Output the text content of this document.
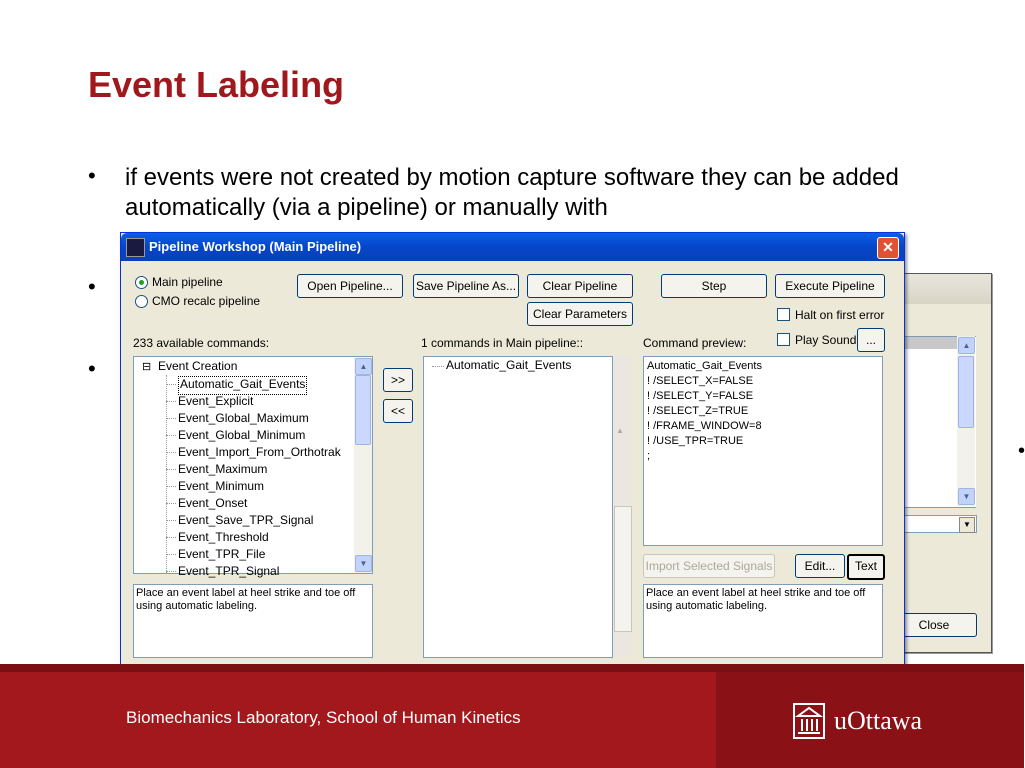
Event Labeling
• if events were not created by motion capture software they can be added automatically (via a pipeline) or manually with
•
•
•
▲
▼
▼
Close
Pipeline Workshop (Main Pipeline)	✕
Main pipeline
CMO recalc pipeline
Open Pipeline...	Save Pipeline As...	Clear Pipeline
Clear Parameters
Step	Execute Pipeline
Halt on first error
Play Sound ...
233 available commands:	1 commands in Main pipeline::	Command preview:
⊟ Event Creation
Automatic_Gait_Events
Event_Explicit
Event_Global_Maximum
Event_Global_Minimum
Event_Import_From_Orthotrak
Event_Maximum
Event_Minimum
Event_Onset
Event_Save_TPR_Signal
Event_Threshold
Event_TPR_File
Event_TPR_Signal
▲
▼
>>
<<
Automatic_Gait_Events
▲
Automatic_Gait_Events
! /SELECT_X=FALSE
! /SELECT_Y=FALSE
! /SELECT_Z=TRUE
! /FRAME_WINDOW=8
! /USE_TPR=TRUE
;
Import Selected Signals	Edit...	Text
Place an event label at heel strike and toe off using automatic labeling.
Place an event label at heel strike and toe off using automatic labeling.
Biomechanics Laboratory, School of Human Kinetics	uOttawa
